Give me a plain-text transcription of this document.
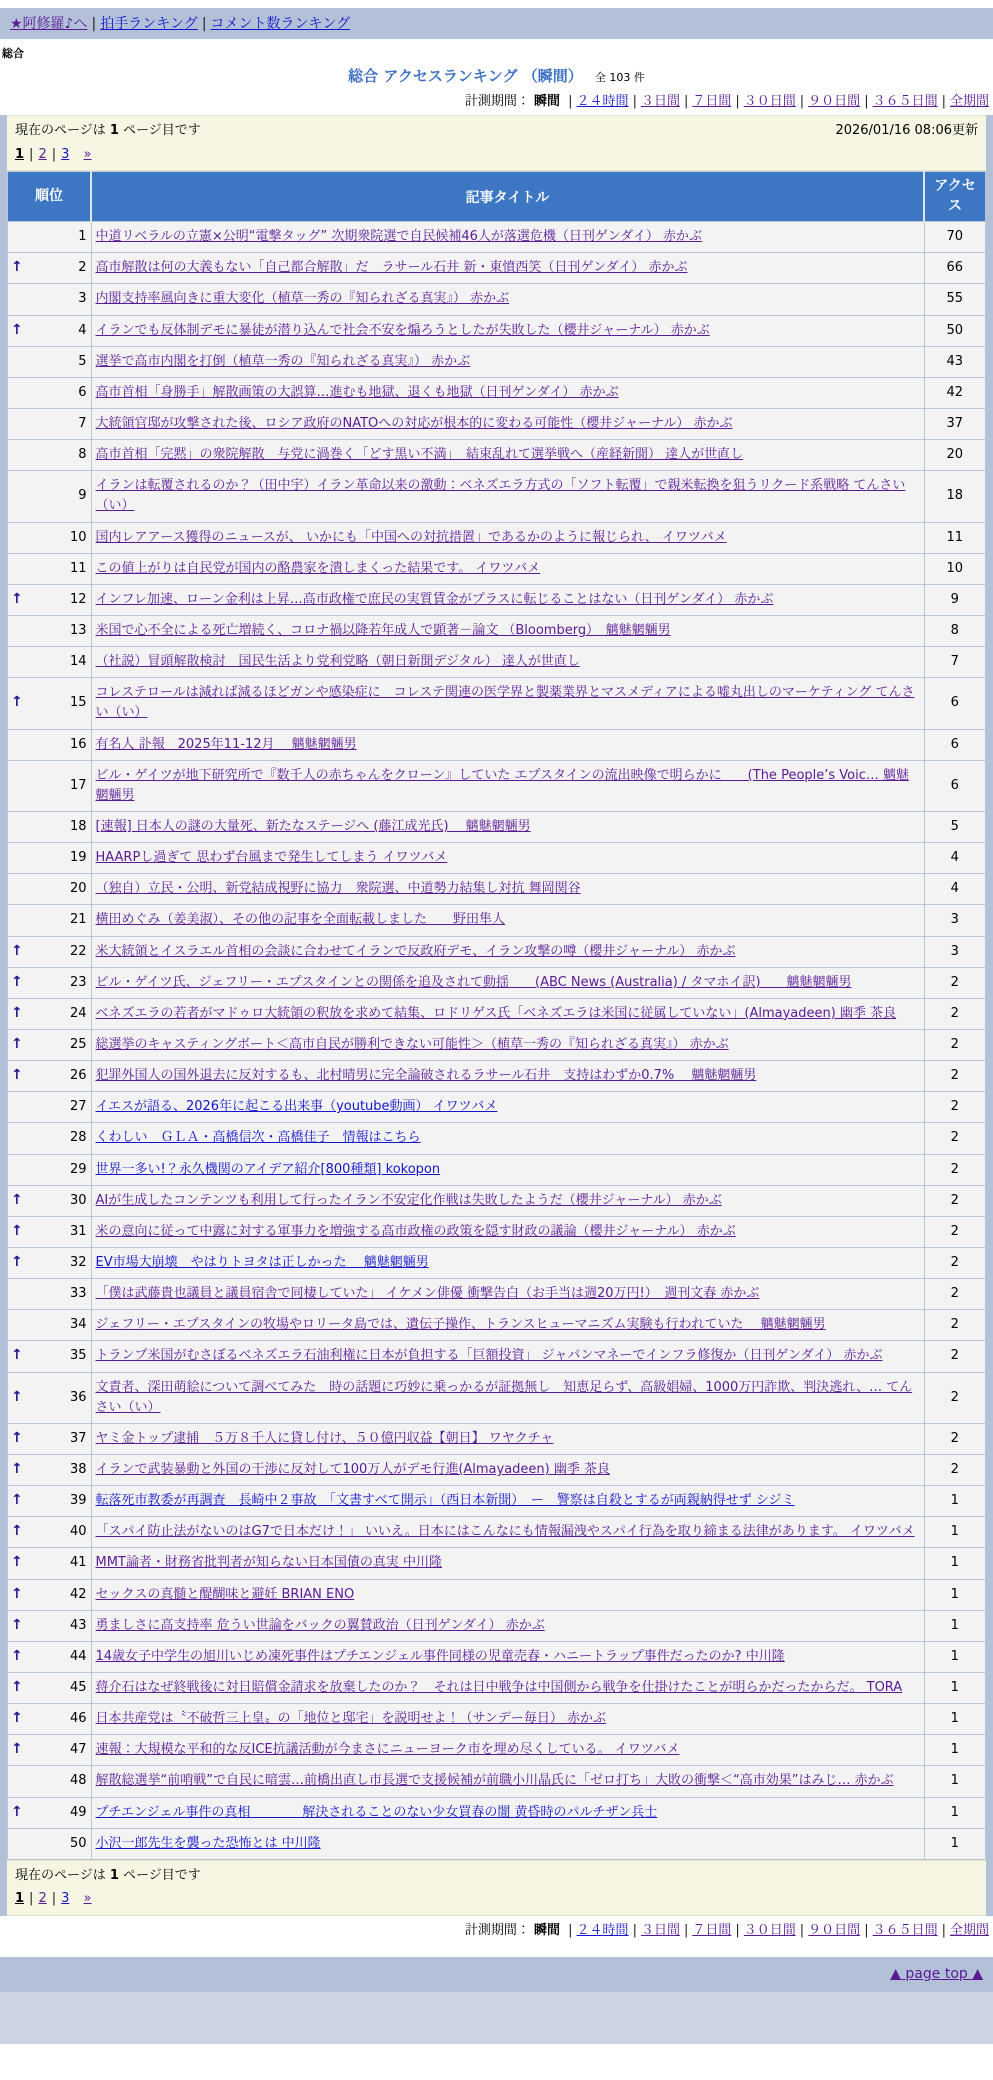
★阿修羅♪へ | 拍手ランキング | コメント数ランキング
総合
総合 アクセスランキング （瞬間） 全 103 件
計測期間： 瞬間 | ２４時間 | ３日間 | ７日間 | ３０日間 | ９０日間 | ３６５日間 | 全期間
現在のページは 1 ページ目です	2026/01/16 08:06更新
1 | 2 | 3 »
順位	記事タイトル	アクセス
1	中道リベラルの立憲×公明“電撃タッグ” 次期衆院選で自民候補46人が落選危機（日刊ゲンダイ） 赤かぶ	70

↑ 2	高市解散は何の大義もない「自己都合解散」だ　ラサール石井 新・東憤西笑（日刊ゲンダイ） 赤かぶ	66
3	内閣支持率風向きに重大変化（植草一秀の『知られざる真実』） 赤かぶ	55

↑ 4	イランでも反体制デモに暴徒が潜り込んで社会不安を煽ろうとしたが失敗した（櫻井ジャーナル） 赤かぶ	50
5	選挙で高市内閣を打倒（植草一秀の『知られざる真実』） 赤かぶ	43
6	高市首相「身勝手」解散画策の大誤算…進むも地獄、退くも地獄（日刊ゲンダイ） 赤かぶ	42
7	大統領官邸が攻撃された後、ロシア政府のNATOへの対応が根本的に変わる可能性（櫻井ジャーナル） 赤かぶ	37
8	高市首相「完黙」の衆院解散　与党に渦巻く「どす黒い不満」　結束乱れて選挙戦へ（産経新聞） 達人が世直し	20
9	イランは転覆されるのか？（田中宇）イラン革命以来の激動：ベネズエラ方式の「ソフト転覆」で親米転換を狙うリクード系戦略 てんさい（い）	18
10	国内レアアース獲得のニュースが、 いかにも「中国への対抗措置」であるかのように報じられ、 イワツバメ	11
11	この値上がりは自民党が国内の酪農家を潰しまくった結果です。 イワツバメ	10

↑ 12	インフレ加速、ローン金利は上昇…高市政権で庶民の実質賃金がプラスに転じることはない（日刊ゲンダイ） 赤かぶ	9
13	米国で心不全による死亡増続く、コロナ禍以降若年成人で顕著－論文 （Bloomberg）　魑魅魍魎男	8
14	（社説）冒頭解散検討　国民生活より党利党略（朝日新聞デジタル） 達人が世直し	7

↑ 15	コレステロールは減れば減るほどガンや感染症に　コレステ関連の医学界と製薬業界とマスメディアによる嘘丸出しのマーケティング てんさい（い）	6
16	有名人 訃報　2025年11-12月　 魑魅魍魎男	6
17	ビル・ゲイツが地下研究所で『数千人の赤ちゃんをクローン』していた エプスタインの流出映像で明らかに　　(The People’s Voic… 魑魅魍魎男	6
18	[速報] 日本人の謎の大量死、新たなステージへ (藤江成光氏)　 魑魅魍魎男	5
19	HAARPし過ぎて 思わず台風まで発生してしまう イワツバメ	4
20	（独自）立民・公明、新党結成視野に協力　衆院選、中道勢力結集し対抗 舞岡関谷	4
21	横田めぐみ（姜美淑）、その他の記事を全面転載しました　　野田隼人	3

↑ 22	米大統領とイスラエル首相の会談に合わせてイランで反政府デモ、イラン攻撃の噂（櫻井ジャーナル） 赤かぶ	3

↑ 23	ビル・ゲイツ氏、ジェフリー・エプスタインとの関係を追及されて動揺　　(ABC News (Australia) / タマホイ訳)　　魑魅魍魎男	2

↑ 24	ベネズエラの若者がマドゥロ大統領の釈放を求めて結集、ロドリゲス氏「ベネズエラは米国に従属していない」(Almayadeen) 幽季 茶良	2

↑ 25	総選挙のキャスティングボート＜高市自民が勝利できない可能性＞（植草一秀の『知られざる真実』） 赤かぶ	2

↑ 26	犯罪外国人の国外退去に反対するも、北村晴男に完全論破されるラサール石井　支持はわずか0.7%　 魑魅魍魎男	2
27	イエスが語る、2026年に起こる出来事（youtube動画） イワツバメ	2
28	くわしい　ＧＬＡ・高橋信次・高橋佳子　情報はこちら	2
29	世界一多い!？永久機関のアイデア紹介[800種類] kokopon	2

↑ 30	AIが生成したコンテンツも利用して行ったイラン不安定化作戦は失敗したようだ（櫻井ジャーナル） 赤かぶ	2

↑ 31	米の意向に従って中露に対する軍事力を増強する高市政権の政策を隠す財政の議論（櫻井ジャーナル） 赤かぶ	2

↑ 32	EV市場大崩壊　やはりトヨタは正しかった　 魑魅魍魎男	2
33	「僕は武藤貴也議員と議員宿舎で同棲していた」 イケメン俳優 衝撃告白（お手当は週20万円!）　週刊文春 赤かぶ	2
34	ジェフリー・エプスタインの牧場やロリータ島では、遺伝子操作、トランスヒューマニズム実験も行われていた　 魑魅魍魎男	2

↑ 35	トランプ米国がむさぼるベネズエラ石油利権に日本が負担する「巨額投資」 ジャパンマネーでインフラ修復か（日刊ゲンダイ） 赤かぶ	2

↑ 36	文責者、深田萌絵について調べてみた　時の話題に巧妙に乗っかるが証拠無し　知恵足らず、高級娼婦、1000万円詐欺、判決逃れ、… てんさい（い）	2

↑ 37	ヤミ金トップ逮捕　５万８千人に貸し付け、５０億円収益【朝日】 ワヤクチャ	2

↑ 38	イランで武装暴動と外国の干渉に反対して100万人がデモ行進(Almayadeen) 幽季 茶良	2

↑ 39	転落死市教委が再調査　長崎中２事故　「文書すべて開示」（西日本新聞）　ー　警察は自殺とするが両親納得せず シジミ	1

↑ 40	「スパイ防止法がないのはG7で日本だけ！」 いいえ。日本にはこんなにも情報漏洩やスパイ行為を取り締まる法律があります。 イワツバメ	1

↑ 41	MMT論者・財務省批判者が知らない日本国債の真実 中川隆	1

↑ 42	セックスの真髄と醍醐味と避妊 BRIAN ENO	1

↑ 43	勇ましさに高支持率 危うい世論をバックの翼賛政治（日刊ゲンダイ） 赤かぶ	1

↑ 44	14歳女子中学生の旭川いじめ凍死事件はプチエンジェル事件同様の児童売春・ハニートラップ事件だったのか? 中川隆	1

↑ 45	蒋介石はなぜ終戦後に対日賠償金請求を放棄したのか？　それは日中戦争は中国側から戦争を仕掛けたことが明らかだったからだ。 TORA	1

↑ 46	日本共産党は〝不破哲三上皇〟の「地位と邸宅」を説明せよ！（サンデー毎日） 赤かぶ	1

↑ 47	速報：大規模な平和的な反ICE抗議活動が今まさにニューヨーク市を埋め尽くしている。 イワツバメ	1
48	解散総選挙“前哨戦”で自民に暗雲…前橋出直し市長選で支援候補が前職小川晶氏に「ゼロ打ち」大敗の衝撃＜“高市効果”はみじ… 赤かぶ	1

↑ 49	プチエンジェル事件の真相　　　　解決されることのない少女買春の闇 黄昏時のパルチザン兵士	1
50	小沢一郎先生を襲った恐怖とは 中川隆	1
現在のページは 1 ページ目です
1 | 2 | 3 »
計測期間： 瞬間 | ２４時間 | ３日間 | ７日間 | ３０日間 | ９０日間 | ３６５日間 | 全期間
▲ page top ▲
